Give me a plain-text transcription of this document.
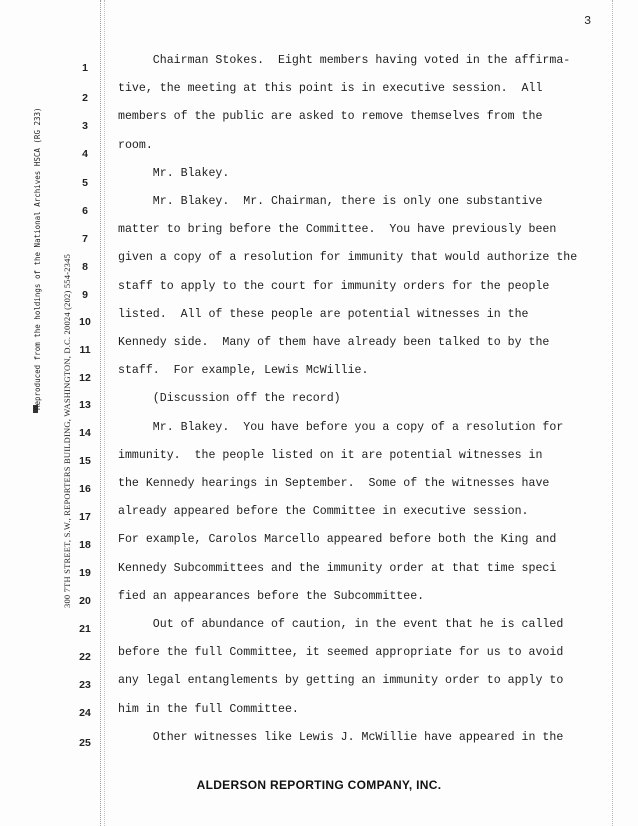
3
Reproduced from the holdings of the National Archives HSCA (RG 233) 300 7TH STREET, S.W., REPORTERS BUILDING, WASHINGTON, D.C. 20024 (202) 554-2345
1
2
3
4
5
6
7
8
9
10
11
12
13
14
15
16
17
18
19
20
21
22
23
24
25
Chairman Stokes.  Eight members having voted in the affirma-
tive, the meeting at this point is in executive session.  All
members of the public are asked to remove themselves from the
room.
Mr. Blakey.
Mr. Blakey.  Mr. Chairman, there is only one substantive
matter to bring before the Committee.  You have previously been
given a copy of a resolution for immunity that would authorize the
staff to apply to the court for immunity orders for the people
listed.  All of these people are potential witnesses in the
Kennedy side.  Many of them have already been talked to by the
staff.  For example, Lewis McWillie.
(Discussion off the record)
Mr. Blakey.  You have before you a copy of a resolution for
immunity.  the people listed on it are potential witnesses in
the Kennedy hearings in September.  Some of the witnesses have
already appeared before the Committee in executive session.
For example, Carolos Marcello appeared before both the King and
Kennedy Subcommittees and the immunity order at that time speci
fied an appearances before the Subcommittee.
Out of abundance of caution, in the event that he is called
before the full Committee, it seemed appropriate for us to avoid
any legal entanglements by getting an immunity order to apply to
him in the full Committee.
Other witnesses like Lewis J. McWillie have appeared in the
ALDERSON REPORTING COMPANY, INC.
